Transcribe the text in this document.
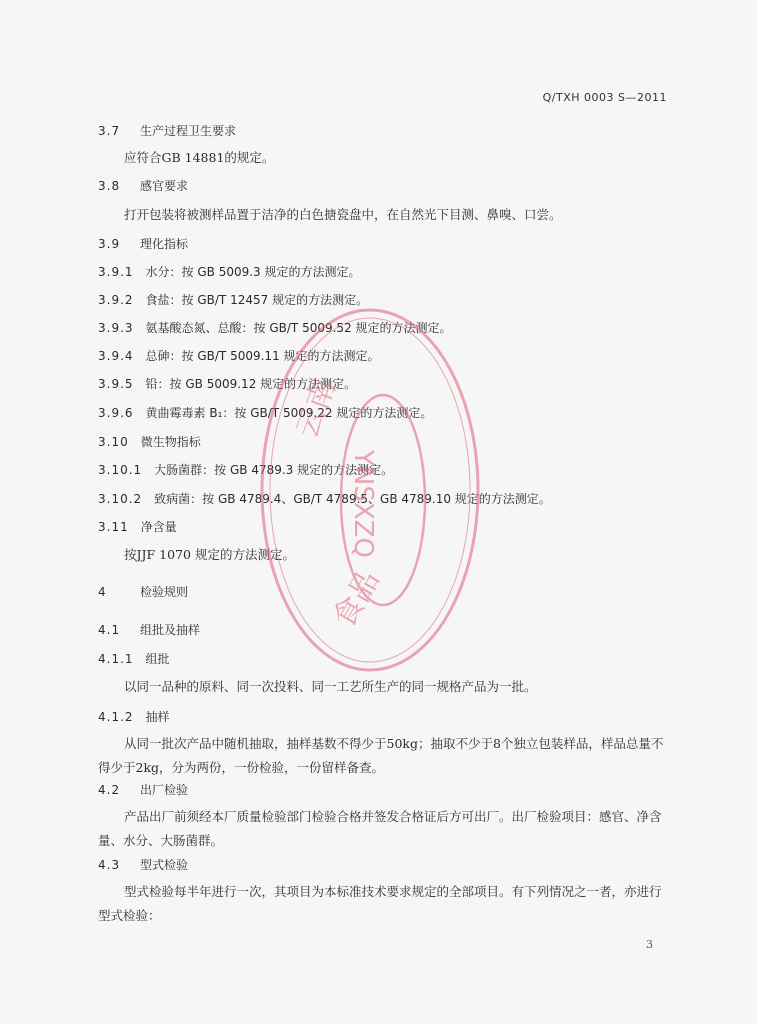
Q/TXH 0003 S—2011
3.7 生产过程卫生要求
应符合GB 14881的规定。
3.8 感官要求
打开包装将被测样品置于洁净的白色搪瓷盘中，在自然光下目测、鼻嗅、口尝。
3.9 理化指标
3.9.1 水分：按 GB 5009.3 规定的方法测定。
3.9.2 食盐：按 GB/T 12457 规定的方法测定。
3.9.3 氨基酸态氮、总酸：按 GB/T 5009.52 规定的方法测定。
3.9.4 总砷：按 GB/T 5009.11 规定的方法测定。
3.9.5 铅：按 GB 5009.12 规定的方法测定。
3.9.6 黄曲霉毒素 B₁：按 GB/T 5009.22 规定的方法测定。
3.10 微生物指标
3.10.1 大肠菌群：按 GB 4789.3 规定的方法测定。
3.10.2 致病菌：按 GB 4789.4、GB/T 4789.5、GB 4789.10 规定的方法测定。
3.11 净含量
按JJF 1070 规定的方法测定。
4	检验规则
4.1 组批及抽样
4.1.1 组批
以同一品种的原料、同一次投料、同一工艺所生产的同一规格产品为一批。
4.1.2 抽样
从同一批次产品中随机抽取，抽样基数不得少于50kg；抽取不少于8个独立包装样品，样品总量不得少于2kg，分为两份，一份检验，一份留样备查。
4.2 出厂检验
产品出厂前须经本厂质量检验部门检验合格并签发合格证后方可出厂。出厂检验项目：感官、净含量、水分、大肠菌群。
4.3 型式检验
型式检验每半年进行一次，其项目为本标准技术要求规定的全部项目。有下列情况之一者，亦进行型式检验：
云南
食品
YNSXZQ
3
